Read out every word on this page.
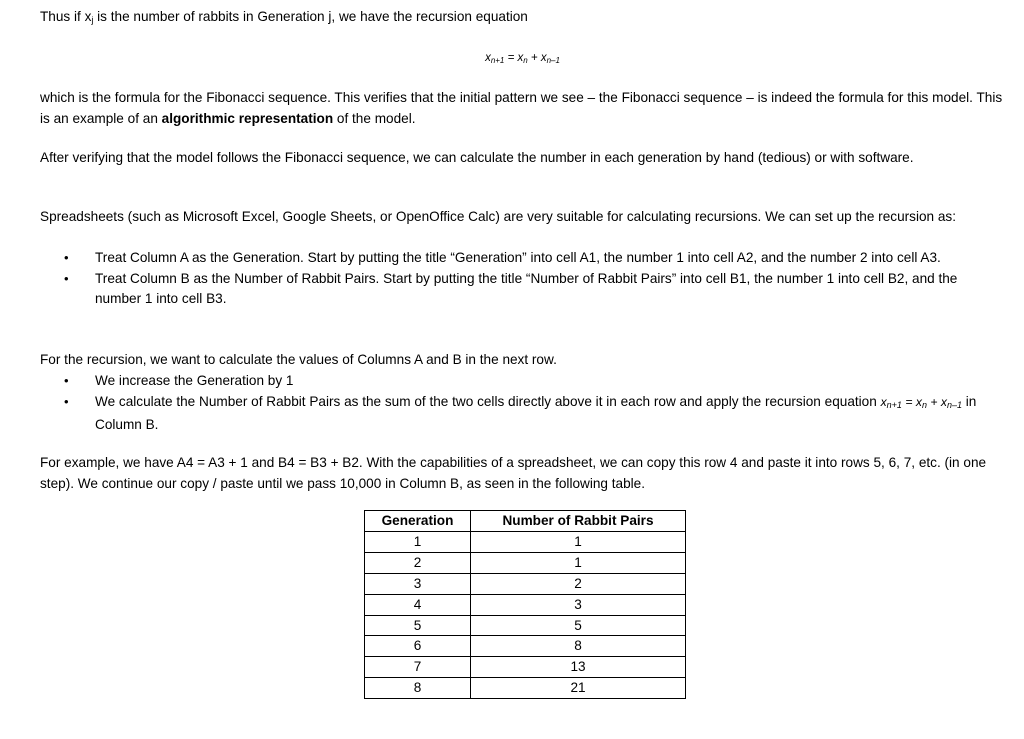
Thus if $x_j$ is the number of rabbits in Generation j, we have the recursion equation

$x_{n+1} = x_n + x_{n-1}$

which is the formula for the Fibonacci sequence. This verifies that the initial pattern we see – the Fibonacci sequence – is indeed the formula for this model. This is an example of an algorithmic representation of the model.

After verifying that the model follows the Fibonacci sequence, we can calculate the number in each generation by hand (tedious) or with software.

Spreadsheets (such as Microsoft Excel, Google Sheets, or OpenOffice Calc) are very suitable for calculating recursions. We can set up the recursion as:

• Treat Column A as the Generation. Start by putting the title “Generation” into cell A1, the number 1 into cell A2, and the number 2 into cell A3.
• Treat Column B as the Number of Rabbit Pairs. Start by putting the title “Number of Rabbit Pairs” into cell B1, the number 1 into cell B2, and the number 1 into cell B3.

For the recursion, we want to calculate the values of Columns A and B in the next row.

• We increase the Generation by 1
• We calculate the Number of Rabbit Pairs as the sum of the two cells directly above it in each row and apply the recursion equation $x_{n+1} = x_n + x_{n-1}$ in Column B.

For example, we have A4 = A3 + 1 and B4 = B3 + B2. With the capabilities of a spreadsheet, we can copy this row 4 and paste it into rows 5, 6, 7, etc. (in one step). We continue our copy / paste until we pass 10,000 in Column B, as seen in the following table.

Generation	Number of Rabbit Pairs
1	1
2	1
3	2
4	3
5	5
6	8
7	13
8	21
